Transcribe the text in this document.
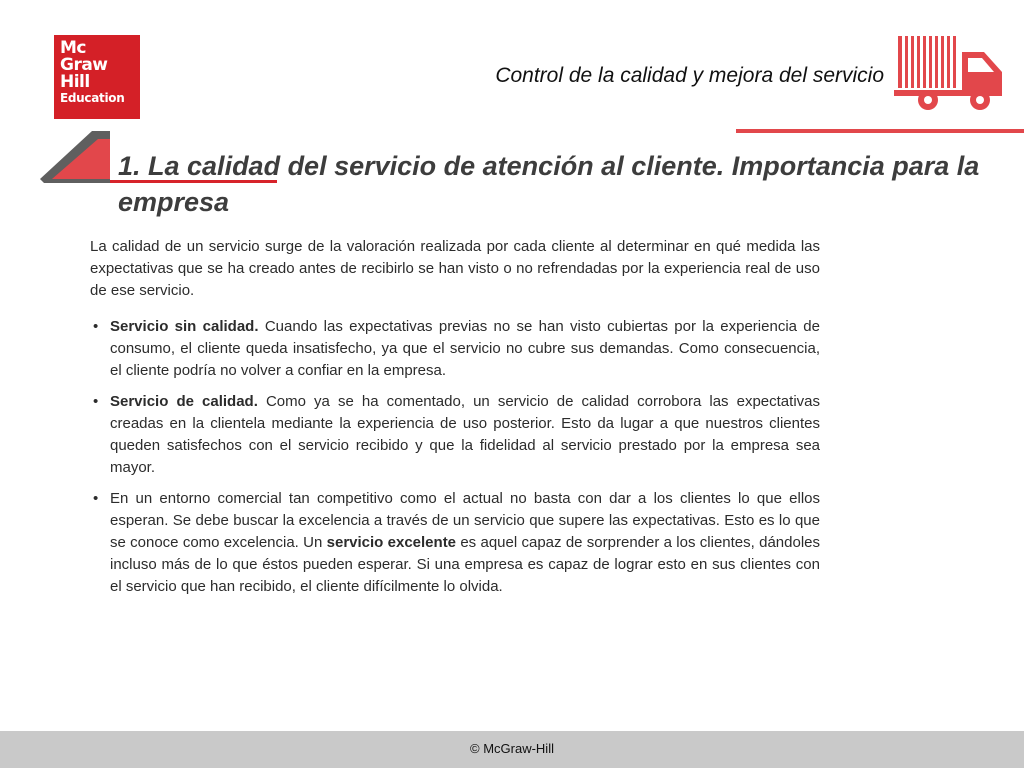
Mc
Graw
Hill
Education
Control de la calidad y mejora del servicio
1. La calidad del servicio de atención al cliente. Importancia para la empresa

La calidad de un servicio surge de la valoración realizada por cada cliente al determinar en qué medida las expectativas que se ha creado antes de recibirlo se han visto o no refrendadas por la experiencia real de uso de ese servicio.

• Servicio sin calidad. Cuando las expectativas previas no se han visto cubiertas por la experiencia de consumo, el cliente queda insatisfecho, ya que el servicio no cubre sus demandas. Como consecuencia, el cliente podría no volver a confiar en la empresa.
• Servicio de calidad. Como ya se ha comentado, un servicio de calidad corrobora las expectativas creadas en la clientela mediante la experiencia de uso posterior. Esto da lugar a que nuestros clientes queden satisfechos con el servicio recibido y que la fidelidad al servicio prestado por la empresa sea mayor.
• En un entorno comercial tan competitivo como el actual no basta con dar a los clientes lo que ellos esperan. Se debe buscar la excelencia a través de un servicio que supere las expectativas. Esto es lo que se conoce como excelencia. Un servicio excelente es aquel capaz de sorprender a los clientes, dándoles incluso más de lo que éstos pueden esperar. Si una empresa es capaz de lograr esto en sus clientes con el servicio que han recibido, el cliente difícilmente lo olvida.
© McGraw-Hill
